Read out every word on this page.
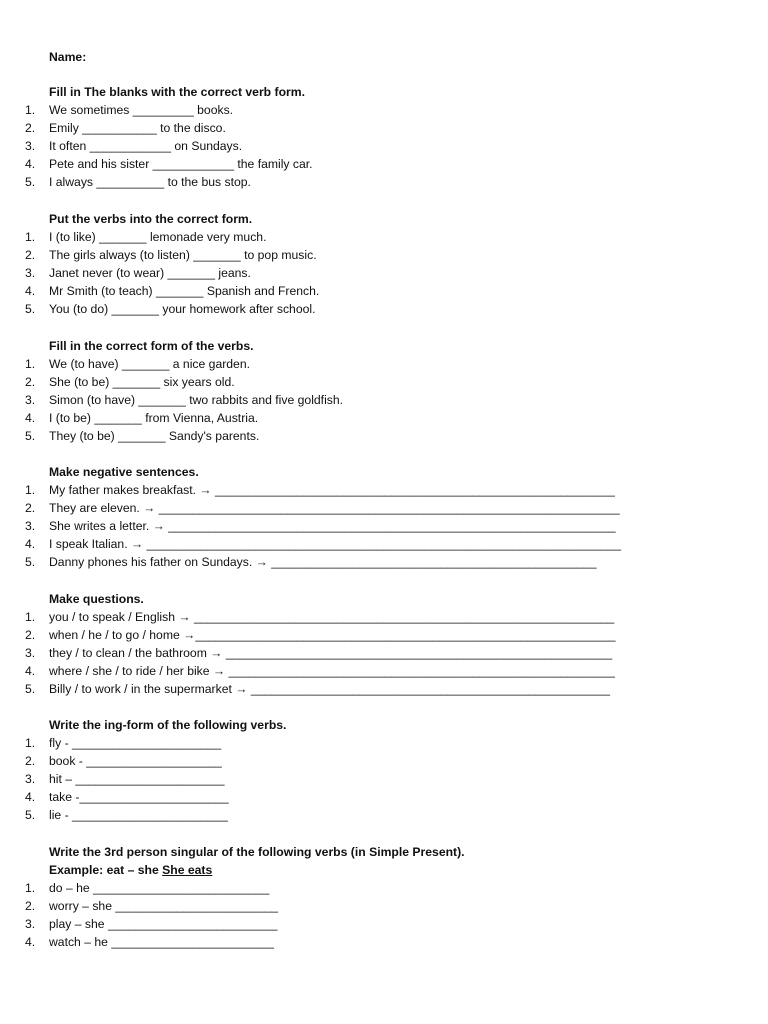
Name:
Fill in The blanks with the correct verb form.
1. We sometimes _________ books.
2. Emily ___________ to the disco.
3. It often ____________ on Sundays.
4. Pete and his sister ____________ the family car.
5. I always __________ to the bus stop.
Put the verbs into the correct form.
1. I (to like) _______ lemonade very much.
2. The girls always (to listen) _______ to pop music.
3. Janet never (to wear) _______ jeans.
4. Mr Smith (to teach) _______ Spanish and French.
5. You (to do) _______ your homework after school.
Fill in the correct form of the verbs.
1. We (to have) _______ a nice garden.
2. She (to be) _______ six years old.
3. Simon (to have) _______ two rabbits and five goldfish.
4. I (to be) _______ from Vienna, Austria.
5. They (to be) _______ Sandy's parents.
Make negative sentences.
1. My father makes breakfast. → ___________________________________________________________
2. They are eleven. → ____________________________________________________________________
3. She writes a letter. → __________________________________________________________________
4. I speak Italian. → ______________________________________________________________________
5. Danny phones his father on Sundays. → ________________________________________________
Make questions.
1. you / to speak / English → ______________________________________________________________
2. when / he / to go / home →______________________________________________________________
3. they / to clean / the bathroom → _________________________________________________________
4. where / she / to ride / her bike → _________________________________________________________
5. Billy / to work / in the supermarket → _____________________________________________________
Write the ing-form of the following verbs.
1. fly - ______________________
2. book - ____________________
3. hit – ______________________
4. take -______________________
5. lie - _______________________
Write the 3rd person singular of the following verbs (in Simple Present).
Example: eat – she She eats
1. do – he __________________________
2. worry – she ________________________
3. play – she _________________________
4. watch – he ________________________
